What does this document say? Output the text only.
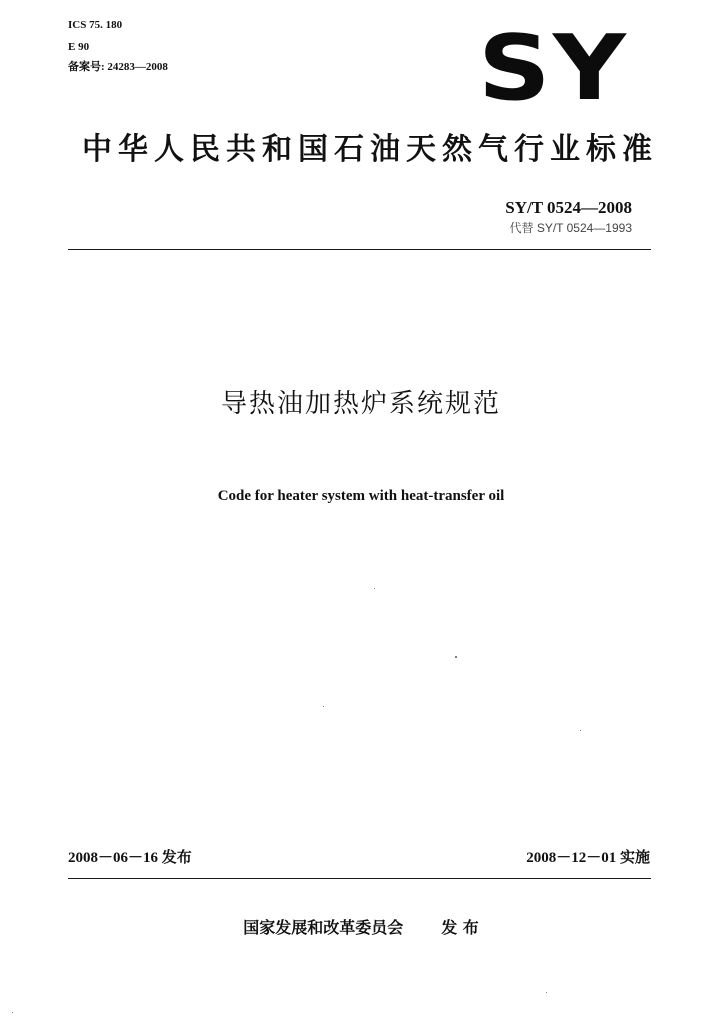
ICS 75. 180
E 90
备案号: 24283—2008	SY
中华人民共和国石油天然气行业标准
SY/T 0524—2008
代替 SY/T 0524—1993
导热油加热炉系统规范
Code for heater system with heat-transfer oil
2008－06－16 发布	2008－12－01 实施
国家发展和改革委员会 发 布
